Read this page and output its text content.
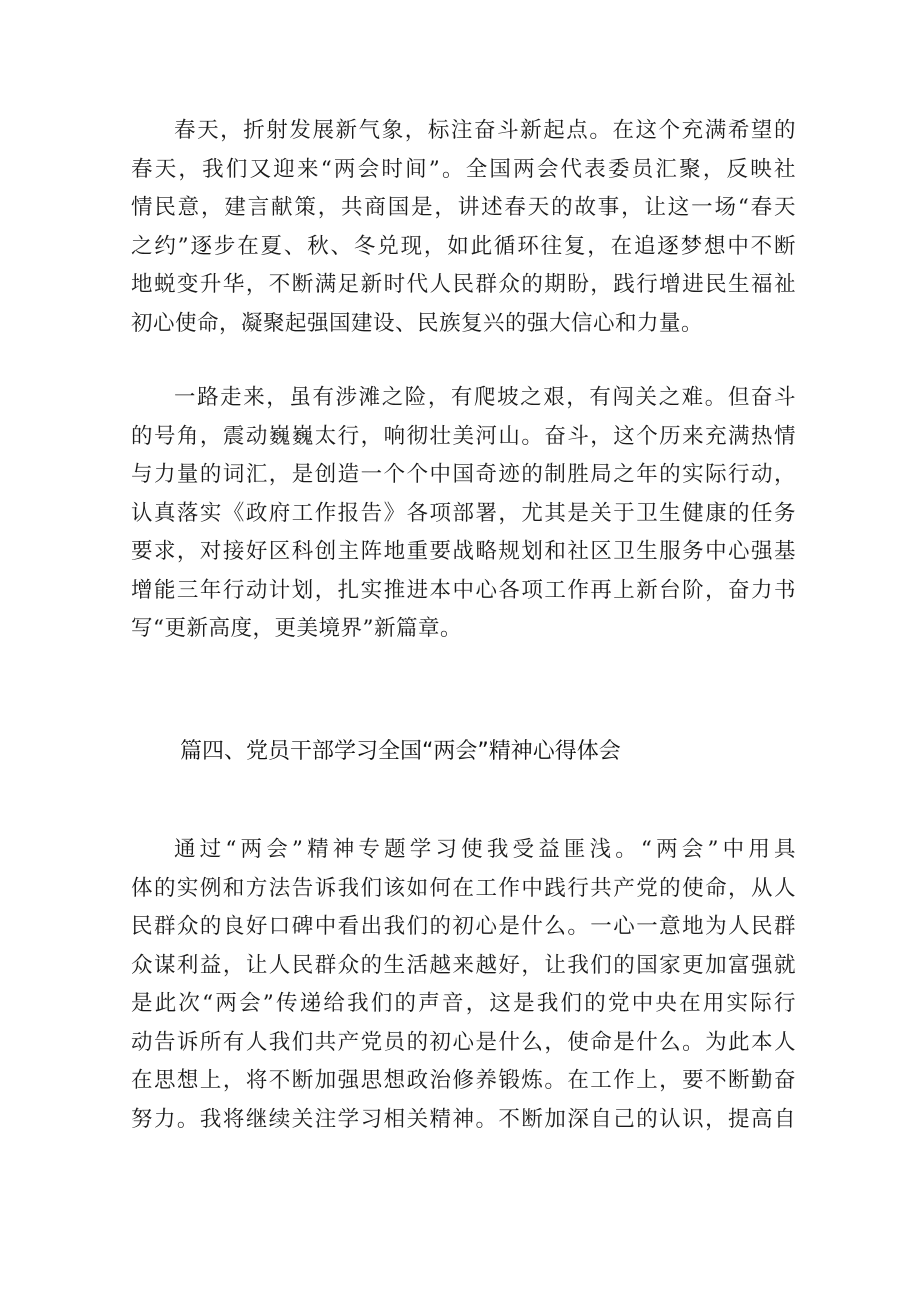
春天，折射发展新气象，标注奋斗新起点。在这个充满希望的
春天，我们又迎来“两会时间”。全国两会代表委员汇聚，反映社
情民意，建言献策，共商国是，讲述春天的故事，让这一场“春天
之约”逐步在夏、秋、冬兑现，如此循环往复，在追逐梦想中不断
地蜕变升华，不断满足新时代人民群众的期盼，践行增进民生福祉
初心使命，凝聚起强国建设、民族复兴的强大信心和力量。
一路走来，虽有涉滩之险，有爬坡之艰，有闯关之难。但奋斗
的号角，震动巍巍太行，响彻壮美河山。奋斗，这个历来充满热情
与力量的词汇，是创造一个个中国奇迹的制胜局之年的实际行动，
认真落实《政府工作报告》各项部署，尤其是关于卫生健康的任务
要求，对接好区科创主阵地重要战略规划和社区卫生服务中心强基
增能三年行动计划，扎实推进本中心各项工作再上新台阶，奋力书
写“更新高度，更美境界”新篇章。
篇四、党员干部学习全国“两会”精神心得体会
通过“两会”精神专题学习使我受益匪浅。“两会”中用具
体的实例和方法告诉我们该如何在工作中践行共产党的使命，从人
民群众的良好口碑中看出我们的初心是什么。一心一意地为人民群
众谋利益，让人民群众的生活越来越好，让我们的国家更加富强就
是此次“两会”传递给我们的声音，这是我们的党中央在用实际行
动告诉所有人我们共产党员的初心是什么，使命是什么。为此本人
在思想上，将不断加强思想政治修养锻炼。在工作上，要不断勤奋
努力。我将继续关注学习相关精神。不断加深自己的认识，提高自
